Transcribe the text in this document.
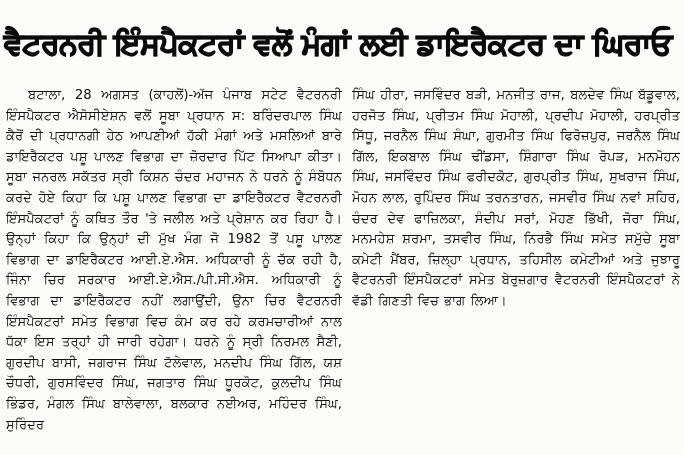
ਵੈਟਰਨਰੀ ਇੰਸਪੈਕਟਰਾਂ ਵਲੋਂ ਮੰਗਾਂ ਲਈ ਡਾਇਰੈਕਟਰ ਦਾ ਘਿਰਾਓ

ਬਟਾਲਾ, 28 ਅਗਸਤ (ਕਾਹਲੋਂ)-ਅੱਜ ਪੰਜਾਬ ਸਟੇਟ ਵੈਟਰਨਰੀ ਇੰਸਪੈਕਟਰ ਐਸੋਸੀਏਸ਼ਨ ਵਲੋਂ ਸੂਬਾ ਪ੍ਰਧਾਨ ਸ: ਬਰਿੰਦਰਪਾਲ ਸਿੰਘ ਕੈਰੋਂ ਦੀ ਪ੍ਰਧਾਨਗੀ ਹੇਠ ਆਪਣੀਆਂ ਹੱਕੀ ਮੰਗਾਂ ਅਤੇ ਮਸਲਿਆਂ ਬਾਰੇ ਡਾਇਰੈਕਟਰ ਪਸ਼ੂ ਪਾਲਣ ਵਿਭਾਗ ਦਾ ਜ਼ੋਰਦਾਰ ਪਿੱਟ ਸਿਆਪਾ ਕੀਤਾ। ਸੂਬਾ ਜਨਰਲ ਸਕੱਤਰ ਸ੍ਰੀ ਕਿਸ਼ਨ ਚੰਦਰ ਮਹਾਜਨ ਨੇ ਧਰਨੇ ਨੂੰ ਸੰਬੋਧਨ ਕਰਦੇ ਹੋਏ ਕਿਹਾ ਕਿ ਪਸ਼ੂ ਪਾਲਣ ਵਿਭਾਗ ਦਾ ਡਾਇਰੈਕਟਰ ਵੈਟਰਨਰੀ ਇੰਸਪੈਕਟਰਾਂ ਨੂੰ ਕਥਿਤ ਤੌਰ 'ਤੇ ਜਲੀਲ ਅਤੇ ਪ੍ਰੇਸ਼ਾਨ ਕਰ ਰਿਹਾ ਹੈ। ਉਨ੍ਹਾਂ ਕਿਹਾ ਕਿ ਉਨ੍ਹਾਂ ਦੀ ਮੁੱਖ ਮੰਗ ਜੋ 1982 ਤੋਂ ਪਸ਼ੂ ਪਾਲਣ ਵਿਭਾਗ ਦਾ ਡਾਇਰੈਕਟਰ ਆਈ.ਏ.ਐਸ. ਅਧਿਕਾਰੀ ਨੂੰ ਚੱਕ ਰਹੀ ਹੈ, ਜਿੰਨਾ ਚਿਰ ਸਰਕਾਰ ਆਈ.ਏ.ਐਸ./ਪੀ.ਸੀ.ਐਸ. ਅਧਿਕਾਰੀ ਨੂੰ ਵਿਭਾਗ ਦਾ ਡਾਇਰੈਕਟਰ ਨਹੀਂ ਲਗਾਉਂਦੀ, ਉਨਾ ਚਿਰ ਵੈਟਰਨਰੀ ਇੰਸਪੈਕਟਰਾਂ ਸਮੇਤ ਵਿਭਾਗ ਵਿਚ ਕੰਮ ਕਰ ਰਹੇ ਕਰਮਚਾਰੀਆਂ ਨਾਲ ਧੱਕਾ ਇਸ ਤਰ੍ਹਾਂ ਹੀ ਜਾਰੀ ਰਹੇਗਾ। ਧਰਨੇ ਨੂੰ ਸ੍ਰੀ ਨਿਰਮਲ ਸੈਣੀ, ਗੁਰਦੀਪ ਬਾਸੀ, ਜਗਰਾਜ ਸਿੰਘ ਟੱਲੇਵਾਲ, ਮਨਦੀਪ ਸਿੰਘ ਗਿੱਲ, ਯਸ਼ ਚੌਧਰੀ, ਗੁਰਸਵਿੰਦਰ ਸਿੰਘ, ਜਗਤਾਰ ਸਿੰਘ ਧੂਰਕੋਟ, ਕੁਲਦੀਪ ਸਿੰਘ ਭਿੰਡਰ, ਮੰਗਲ ਸਿੰਘ ਬਾਲੇਵਾਲਾ, ਬਲਕਾਰ ਨਈਅਰ, ਮਹਿੰਦਰ ਸਿੰਘ, ਸੁਰਿੰਦਰ

ਸਿੰਘ ਹੀਰਾ, ਜਸਵਿੰਦਰ ਬੜੀ, ਮਨਜੀਤ ਰਾਜ, ਬਲਦੇਵ ਸਿੰਘ ਬੱਡੂਵਾਲ, ਹਰਜੋਤ ਸਿੰਘ, ਪ੍ਰੀਤਮ ਸਿੰਘ ਮੋਹਾਲੀ, ਪ੍ਰਦੀਪ ਮੋਹਾਲੀ, ਹਰਪ੍ਰੀਤ ਸਿੱਧੂ, ਜਰਨੈਲ ਸਿੰਘ ਸੰਘਾ, ਗੁਰਮੀਤ ਸਿੰਘ ਫਿਰੋਜ਼ਪੁਰ, ਜਰਨੈਲ ਸਿੰਘ ਗਿੱਲ, ਇਕਬਾਲ ਸਿੰਘ ਢੀਂਡਸਾ, ਸ਼ਿੰਗਾਰਾ ਸਿੰਘ ਰੋਪੜ, ਮਨਮੋਹਨ ਸਿੰਘ, ਜਸਵਿੰਦਰ ਸਿੰਘ ਫਰੀਦਕੋਟ, ਗੁਰਪ੍ਰੀਤ ਸਿੰਘ, ਸੁਖਰਾਜ ਸਿੰਘ, ਮੋਹਨ ਲਾਲ, ਰੁਪਿੰਦਰ ਸਿੰਘ ਤਰਨਤਾਰਨ, ਜਸਵੀਰ ਸਿੰਘ ਨਵਾਂ ਸ਼ਹਿਰ, ਚੰਦਰ ਦੇਵ ਫਾਜ਼ਿਲਕਾ, ਸੰਦੀਪ ਸਰਾਂ, ਮੋਹਣ ਭਿੱਖੀ, ਜੋਰਾ ਸਿੰਘ, ਮਨਮਹੇਸ਼ ਸ਼ਰਮਾ, ਤਸਵੀਰ ਸਿੰਘ, ਨਿਰਭੈ ਸਿੰਘ ਸਮੇਤ ਸਮੁੱਚੇ ਸੂਬਾ ਕਮੇਟੀ ਮੈਂਬਰ, ਜ਼ਿਲ੍ਹਾ ਪ੍ਰਧਾਨ, ਤਹਿਸੀਲ ਕਮੇਟੀਆਂ ਅਤੇ ਜੁਝਾਰੂ ਵੈਟਰਨਰੀ ਇੰਸਪੈਕਟਰਾਂ ਸਮੇਤ ਬੇਰੁਜ਼ਗਾਰ ਵੈਟਰਨਰੀ ਇੰਸਪੈਕਟਰਾਂ ਨੇ ਵੱਡੀ ਗਿਣਤੀ ਵਿਚ ਭਾਗ ਲਿਆ।
